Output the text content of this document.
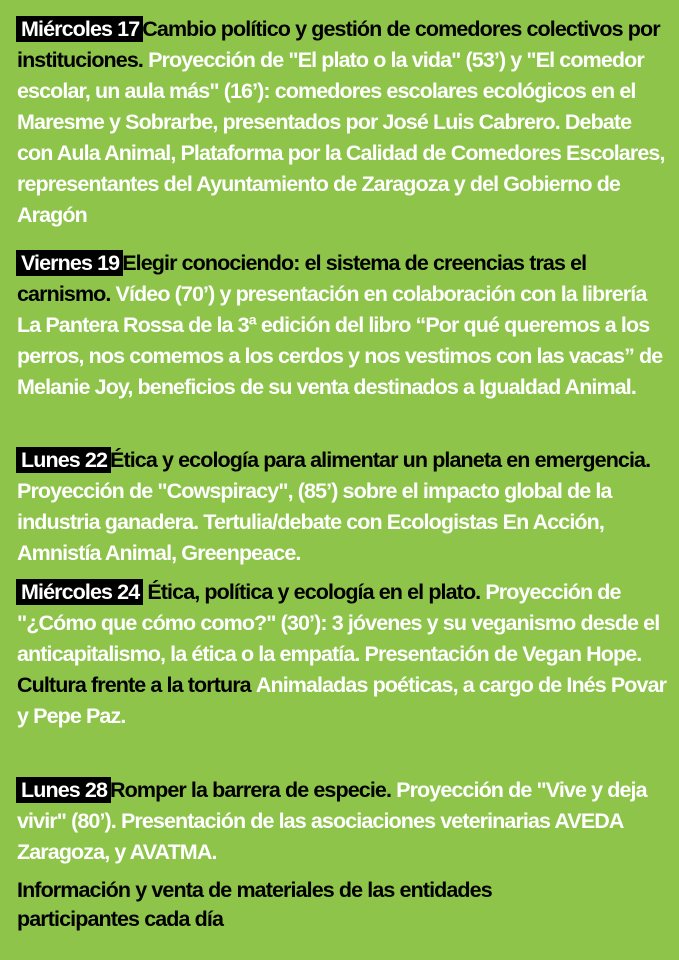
Miércoles 17 Cambio político y gestión de comedores colectivos por instituciones. Proyección de "El plato o la vida" (53’) y "El comedor escolar, un aula más" (16’): comedores escolares ecológicos en el Maresme y Sobrarbe, presentados por José Luis Cabrero. Debate con Aula Animal, Plataforma por la Calidad de Comedores Escolares, representantes del Ayuntamiento de Zaragoza y del Gobierno de Aragón
Viernes 19 Elegir conociendo: el sistema de creencias tras el carnismo. Vídeo (70’) y presentación en colaboración con la librería La Pantera Rossa de la 3ª edición del libro “Por qué queremos a los perros, nos comemos a los cerdos y nos vestimos con las vacas” de Melanie Joy, beneficios de su venta destinados a Igualdad Animal.
Lunes 22 Ética y ecología para alimentar un planeta en emergencia. Proyección de "Cowspiracy", (85’) sobre el impacto global de la industria ganadera. Tertulia/debate con Ecologistas En Acción, Amnistía Animal, Greenpeace.
Miércoles 24 Ética, política y ecología en el plato. Proyección de "¿Cómo que cómo como?" (30’): 3 jóvenes y su veganismo desde el anticapitalismo, la ética o la empatía. Presentación de Vegan Hope.
Cultura frente a la tortura Animaladas poéticas, a cargo de Inés Povar y Pepe Paz.
Lunes 28 Romper la barrera de especie. Proyección de "Vive y deja vivir" (80’). Presentación de las asociaciones veterinarias AVEDA Zaragoza, y AVATMA.
Información y venta de materiales de las entidades participantes cada día
